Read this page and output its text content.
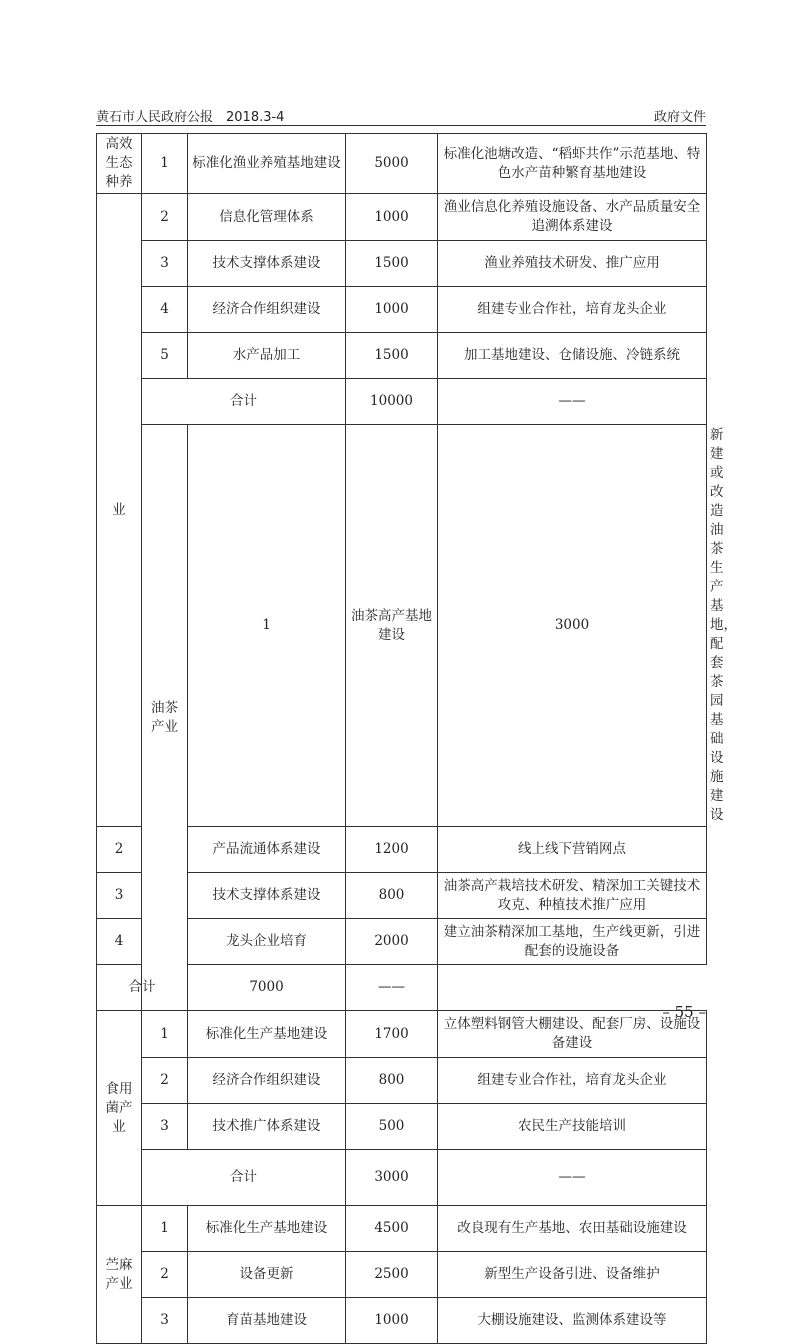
黄石市人民政府公报　2018.3-4	政府文件
高效
生态
种养	1	标准化渔业养殖基地建设	5000	标准化池塘改造、“稻虾共作”示范基地、特色水产苗种繁育基地建设	
业	2	信息化管理体系	1000	渔业信息化养殖设施设备、水产品质量安全追溯体系建设	
	3	技术支撑体系建设	1500	渔业养殖技术研发、推广应用	
	4	经济合作组织建设	1000	组建专业合作社，培育龙头企业	
	5	水产品加工	1500	加工基地建设、仓储设施、冷链系统	
	合计		10000	——	
	油茶
产业	1	油茶高产基地建设	3000	新建或改造油茶生产基地，配套茶园基础设施建设
2		产品流通体系建设	1200	线上线下营销网点	
3		技术支撑体系建设	800	油茶高产栽培技术研发、精深加工关键技术攻克、种植技术推广应用	
4		龙头企业培育	2000	建立油茶精深加工基地，生产线更新，引进配套的设施设备	
合计		7000	——		
食用
菌产
业	1	标准化生产基地建设	1700	立体塑料钢管大棚建设、配套厂房、设施设备建设	
	2	经济合作组织建设	800	组建专业合作社，培育龙头企业	
	3	技术推广体系建设	500	农民生产技能培训	
	合计		3000	——	
苎麻
产业	1	标准化生产基地建设	4500	改良现有生产基地、农田基础设施建设	
	2	设备更新	2500	新型生产设备引进、设备维护	
	3	育苗基地建设	1000	大棚设施建设、监测体系建设等	
– 55 –
